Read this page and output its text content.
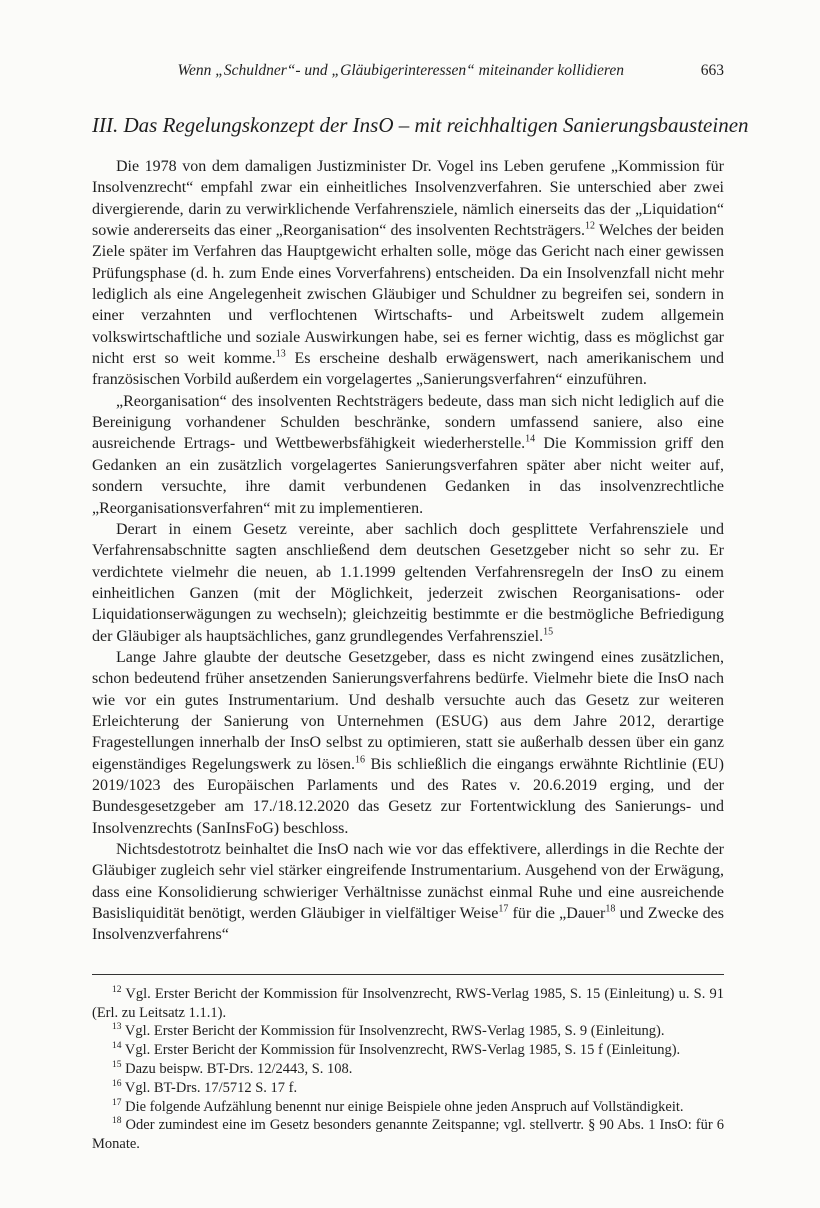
Wenn „Schuldner“- und „Gläubigerinteressen“ miteinander kollidieren	663
III. Das Regelungskonzept der InsO – mit reichhaltigen Sanierungsbausteinen

Die 1978 von dem damaligen Justizminister Dr. Vogel ins Leben gerufene „Kommission für Insolvenzrecht“ empfahl zwar ein einheitliches Insolvenzverfahren. Sie unterschied aber zwei divergierende, darin zu verwirklichende Verfahrensziele, nämlich einerseits das der „Liquidation“ sowie andererseits das einer „Reorganisation“ des insolventen Rechtsträgers.$^{12}$ Welches der beiden Ziele später im Verfahren das Hauptgewicht erhalten solle, möge das Gericht nach einer gewissen Prüfungsphase (d. h. zum Ende eines Vorverfahrens) entscheiden. Da ein Insolvenzfall nicht mehr lediglich als eine Angelegenheit zwischen Gläubiger und Schuldner zu begreifen sei, sondern in einer verzahnten und verflochtenen Wirtschafts- und Arbeitswelt zudem allgemein volkswirtschaftliche und soziale Auswirkungen habe, sei es ferner wichtig, dass es möglichst gar nicht erst so weit komme.$^{13}$ Es erscheine deshalb erwägenswert, nach amerikanischem und französischen Vorbild außerdem ein vorgelagertes „Sanierungsverfahren“ einzuführen.

„Reorganisation“ des insolventen Rechtsträgers bedeute, dass man sich nicht lediglich auf die Bereinigung vorhandener Schulden beschränke, sondern umfassend saniere, also eine ausreichende Ertrags- und Wettbewerbsfähigkeit wiederherstelle.$^{14}$ Die Kommission griff den Gedanken an ein zusätzlich vorgelagertes Sanierungsverfahren später aber nicht weiter auf, sondern versuchte, ihre damit verbundenen Gedanken in das insolvenzrechtliche „Reorganisationsverfahren“ mit zu implementieren.

Derart in einem Gesetz vereinte, aber sachlich doch gesplittete Verfahrensziele und Verfahrensabschnitte sagten anschließend dem deutschen Gesetzgeber nicht so sehr zu. Er verdichtete vielmehr die neuen, ab 1.1.1999 geltenden Verfahrensregeln der InsO zu einem einheitlichen Ganzen (mit der Möglichkeit, jederzeit zwischen Reorganisations- oder Liquidationserwägungen zu wechseln); gleichzeitig bestimmte er die bestmögliche Befriedigung der Gläubiger als hauptsächliches, ganz grundlegendes Verfahrensziel.$^{15}$

Lange Jahre glaubte der deutsche Gesetzgeber, dass es nicht zwingend eines zusätzlichen, schon bedeutend früher ansetzenden Sanierungsverfahrens bedürfe. Vielmehr biete die InsO nach wie vor ein gutes Instrumentarium. Und deshalb versuchte auch das Gesetz zur weiteren Erleichterung der Sanierung von Unternehmen (ESUG) aus dem Jahre 2012, derartige Fragestellungen innerhalb der InsO selbst zu optimieren, statt sie außerhalb dessen über ein ganz eigenständiges Regelungswerk zu lösen.$^{16}$ Bis schließlich die eingangs erwähnte Richtlinie (EU) 2019/1023 des Europäischen Parlaments und des Rates v. 20.6.2019 erging, und der Bundesgesetzgeber am 17./18.12.2020 das Gesetz zur Fortentwicklung des Sanierungs- und Insolvenzrechts (SanInsFoG) beschloss.

Nichtsdestotrotz beinhaltet die InsO nach wie vor das effektivere, allerdings in die Rechte der Gläubiger zugleich sehr viel stärker eingreifende Instrumentarium. Ausgehend von der Erwägung, dass eine Konsolidierung schwieriger Verhältnisse zunächst einmal Ruhe und eine ausreichende Basisliquidität benötigt, werden Gläubiger in vielfältiger Weise$^{17}$ für die „Dauer$^{18}$ und Zwecke des Insolvenzverfahrens“

$^{12}$ Vgl. Erster Bericht der Kommission für Insolvenzrecht, RWS-Verlag 1985, S. 15 (Einleitung) u. S. 91 (Erl. zu Leitsatz 1.1.1).

$^{13}$ Vgl. Erster Bericht der Kommission für Insolvenzrecht, RWS-Verlag 1985, S. 9 (Einleitung).

$^{14}$ Vgl. Erster Bericht der Kommission für Insolvenzrecht, RWS-Verlag 1985, S. 15 f (Einleitung).

$^{15}$ Dazu beispw. BT-Drs. 12/2443, S. 108.

$^{16}$ Vgl. BT-Drs. 17/5712 S. 17 f.

$^{17}$ Die folgende Aufzählung benennt nur einige Beispiele ohne jeden Anspruch auf Vollständigkeit.

$^{18}$ Oder zumindest eine im Gesetz besonders genannte Zeitspanne; vgl. stellvertr. § 90 Abs. 1 InsO: für 6 Monate.
